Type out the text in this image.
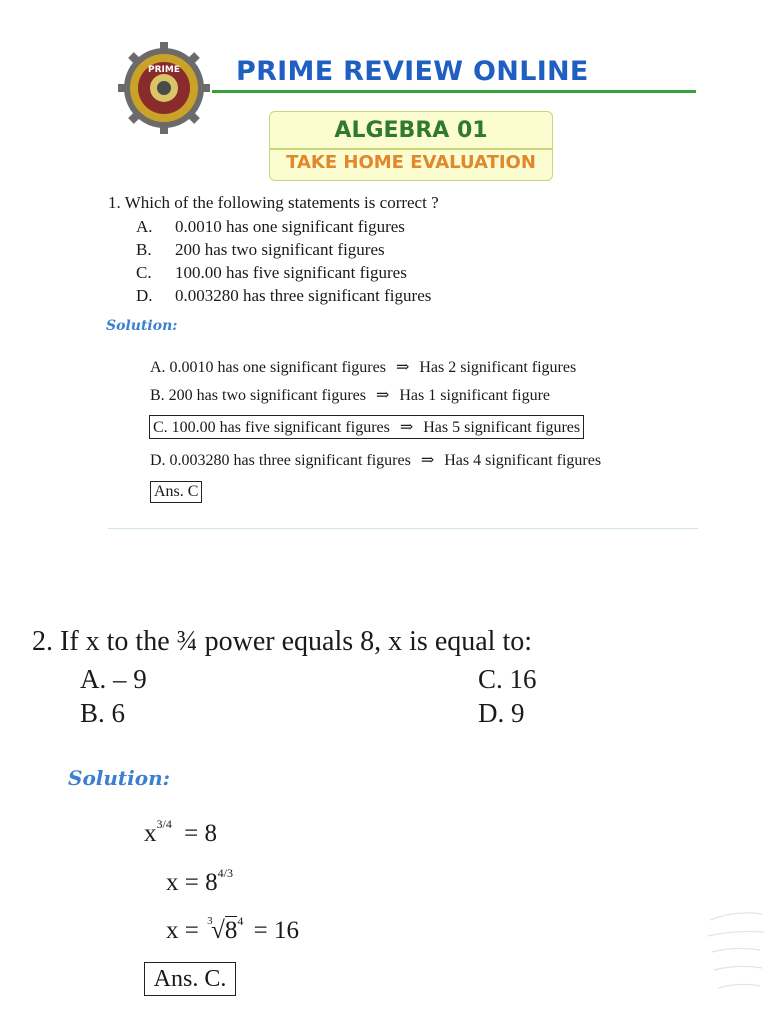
PRIME PRIME REVIEW ONLINE
ALGEBRA 01
TAKE HOME EVALUATION
1. Which of the following statements is correct ?
A. 0.0010 has one significant figures
B. 200 has two significant figures
C. 100.00 has five significant figures
D. 0.003280 has three significant figures
Solution:
A. 0.0010 has one significant figures ⇒ Has 2 significant figures
B. 200 has two significant figures ⇒ Has 1 significant figure
C. 100.00 has five significant figures ⇒ Has 5 significant figures
D. 0.003280 has three significant figures ⇒ Has 4 significant figures
Ans. C
2. If x to the ¾ power equals 8, x is equal to:
A. – 9
B. 6
C. 16
D. 9
Solution:
$x^{3/4} = 8$
$x = 8^{4/3}$
x = 3
$√8^4 = 16$
Ans. C.
